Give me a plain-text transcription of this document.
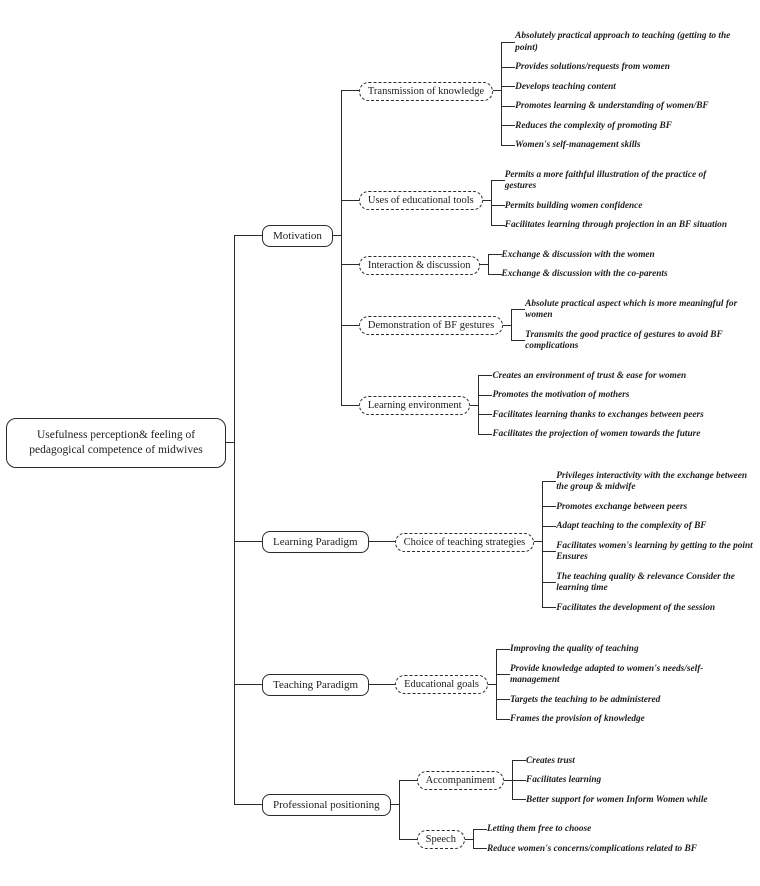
Usefulness perception& feeling of pedagogical competence of midwives
Motivation
Transmission of knowledge
Absolutely practical approach to teaching (getting to the point)
Provides solutions/requests from women
Develops teaching content
Promotes learning & understanding of women/BF
Reduces the complexity of promoting BF
Women's self-management skills
Uses of educational tools
Permits a more faithful illustration of the practice of gestures
Permits building women confidence
Facilitates learning through projection in an BF situation
Interaction & discussion
Exchange & discussion with the women
Exchange & discussion with the co-parents
Demonstration of BF gestures
Absolute practical aspect which is more meaningful for women
Transmits the good practice of gestures to avoid BF complications
Learning environment
Creates an environment of trust & ease for women
Promotes the motivation of mothers
Facilitates learning thanks to exchanges between peers
Facilitates the projection of women towards the future
Learning Paradigm	Choice of teaching strategies
Privileges interactivity with the exchange between the group & midwife
Promotes exchange between peers
Adapt teaching to the complexity of BF
Facilitates women's learning by getting to the point Ensures
The teaching quality & relevance Consider the learning time
Facilitates the development of the session
Teaching Paradigm	Educational goals
Improving the quality of teaching
Provide knowledge adapted to women's needs/self-management
Targets the teaching to be administered
Frames the provision of knowledge
Professional positioning
Accompaniment
Creates trust
Facilitates learning
Better support for women Inform Women while
Speech
Letting them free to choose
Reduce women's concerns/complications related to BF
